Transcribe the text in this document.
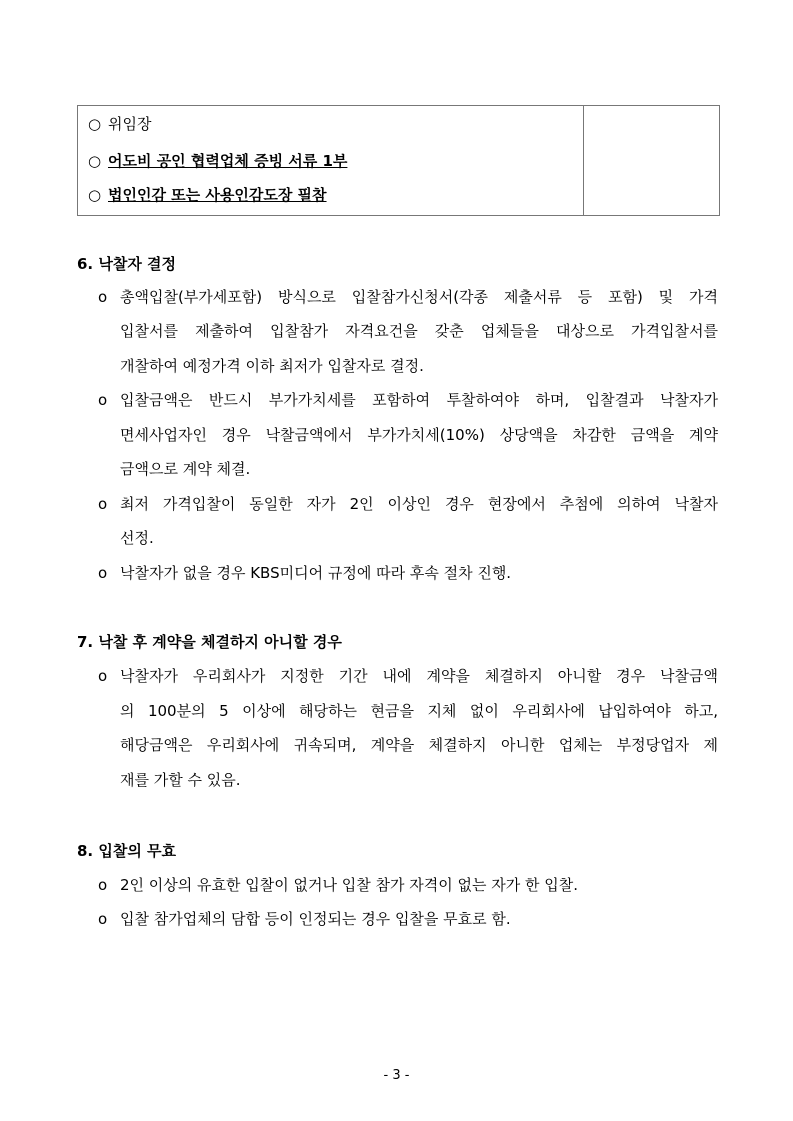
○ 위임장
○ 어도비 공인 협력업체 증빙 서류 1부
○ 법인인감 또는 사용인감도장 필참
6. 낙찰자 결정
o 총액입찰(부가세포함) 방식으로 입찰참가신청서(각종 제출서류 등 포함) 및 가격
입찰서를 제출하여 입찰참가 자격요건을 갖춘 업체들을 대상으로 가격입찰서를
개찰하여 예정가격 이하 최저가 입찰자로 결정.
o 입찰금액은 반드시 부가가치세를 포함하여 투찰하여야 하며, 입찰결과 낙찰자가
면세사업자인 경우 낙찰금액에서 부가가치세(10%) 상당액을 차감한 금액을 계약
금액으로 계약 체결.
o 최저 가격입찰이 동일한 자가 2인 이상인 경우 현장에서 추첨에 의하여 낙찰자
선정.
o 낙찰자가 없을 경우 KBS미디어 규정에 따라 후속 절차 진행.
7. 낙찰 후 계약을 체결하지 아니할 경우
o 낙찰자가 우리회사가 지정한 기간 내에 계약을 체결하지 아니할 경우 낙찰금액
의 100분의 5 이상에 해당하는 현금을 지체 없이 우리회사에 납입하여야 하고,
해당금액은 우리회사에 귀속되며, 계약을 체결하지 아니한 업체는 부정당업자 제
재를 가할 수 있음.
8. 입찰의 무효
o 2인 이상의 유효한 입찰이 없거나 입찰 참가 자격이 없는 자가 한 입찰.
o 입찰 참가업체의 담합 등이 인정되는 경우 입찰을 무효로 함.
- 3 -
